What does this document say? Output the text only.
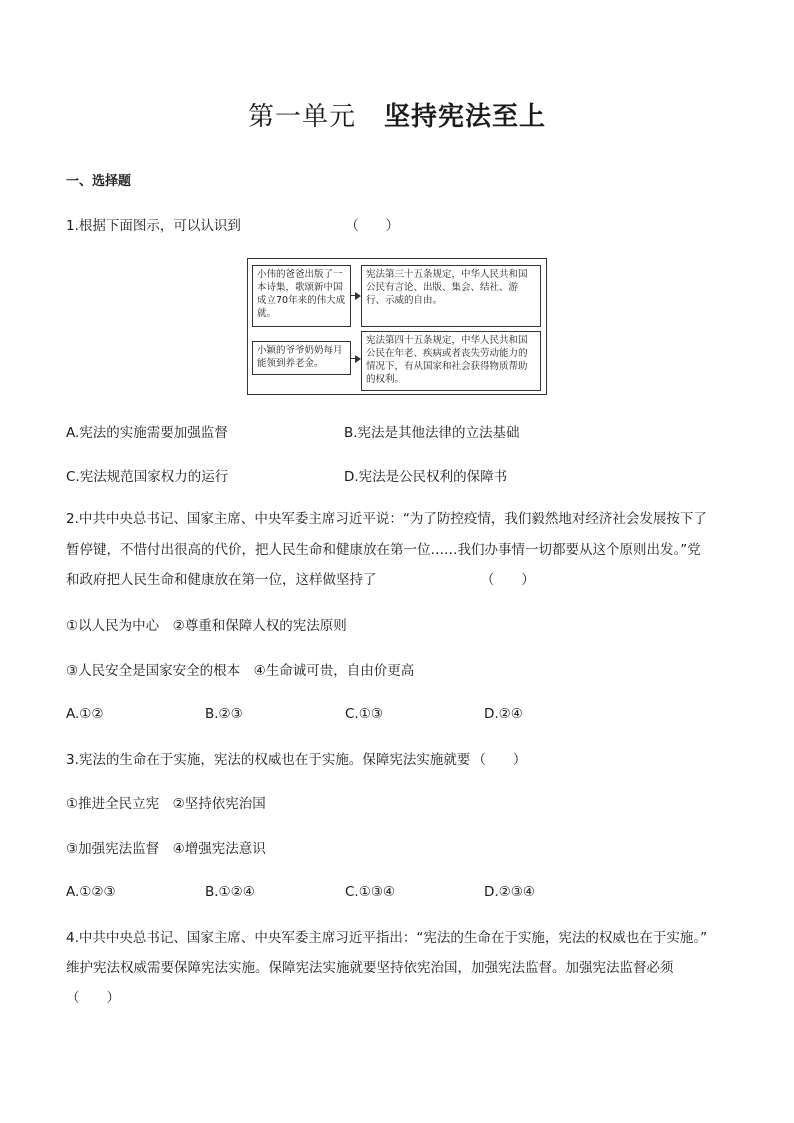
第一单元 坚持宪法至上
一、选择题
1.根据下面图示，可以认识到	（　　）
小伟的爸爸出版了一本诗集，歌颂新中国成立70年来的伟大成就。
宪法第三十五条规定，中华人民共和国公民有言论、出版、集会、结社、游行、示威的自由。
小颖的爷爷奶奶每月能领到养老金。
宪法第四十五条规定，中华人民共和国公民在年老、疾病或者丧失劳动能力的情况下，有从国家和社会获得物质帮助的权利。
A.宪法的实施需要加强监督	B.宪法是其他法律的立法基础
C.宪法规范国家权力的运行	D.宪法是公民权利的保障书
2.中共中央总书记、国家主席、中央军委主席习近平说：“为了防控疫情，我们毅然地对经济社会发展按下了
暂停键，不惜付出很高的代价，把人民生命和健康放在第一位……我们办事情一切都要从这个原则出发。”党
和政府把人民生命和健康放在第一位，这样做坚持了	（　　）
①以人民为中心　②尊重和保障人权的宪法原则
③人民安全是国家安全的根本　④生命诚可贵，自由价更高
A.①②	B.②③	C.①③	D.②④
3.宪法的生命在于实施，宪法的权威也在于实施。保障宪法实施就要 （　　）
①推进全民立宪　②坚持依宪治国
③加强宪法监督　④增强宪法意识
A.①②③	B.①②④	C.①③④	D.②③④
4.中共中央总书记、国家主席、中央军委主席习近平指出：“宪法的生命在于实施，宪法的权威也在于实施。”
维护宪法权威需要保障宪法实施。保障宪法实施就要坚持依宪治国，加强宪法监督。加强宪法监督必须
（　　）
